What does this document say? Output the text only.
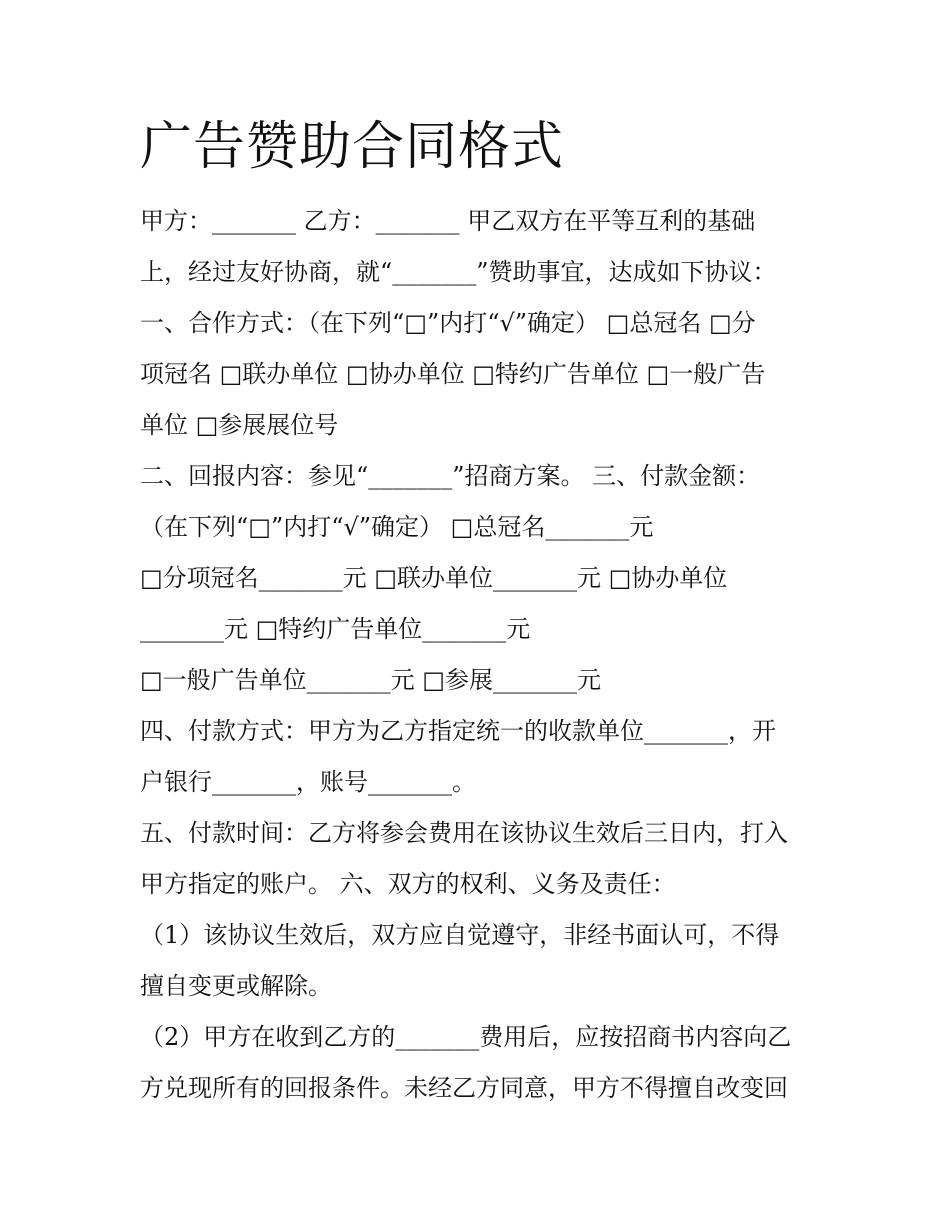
广告赞助合同格式
甲方：_______ 乙方：_______ 甲乙双方在平等互利的基础
上，经过友好协商，就“_______”赞助事宜，达成如下协议：
一、合作方式：（在下列“□”内打“√”确定） □总冠名 □分
项冠名 □联办单位 □协办单位 □特约广告单位 □一般广告
单位 □参展展位号
二、回报内容：参见“_______”招商方案。 三、付款金额：
（在下列“□”内打“√”确定） □总冠名_______元
□分项冠名_______元 □联办单位_______元 □协办单位
_______元 □特约广告单位_______元
□一般广告单位_______元 □参展_______元
四、付款方式：甲方为乙方指定统一的收款单位_______，开
户银行_______，账号_______。
五、付款时间：乙方将参会费用在该协议生效后三日内，打入
甲方指定的账户。 六、双方的权利、义务及责任：
（1）该协议生效后，双方应自觉遵守，非经书面认可，不得
擅自变更或解除。
（2）甲方在收到乙方的_______费用后，应按招商书内容向乙
方兑现所有的回报条件。未经乙方同意，甲方不得擅自改变回
